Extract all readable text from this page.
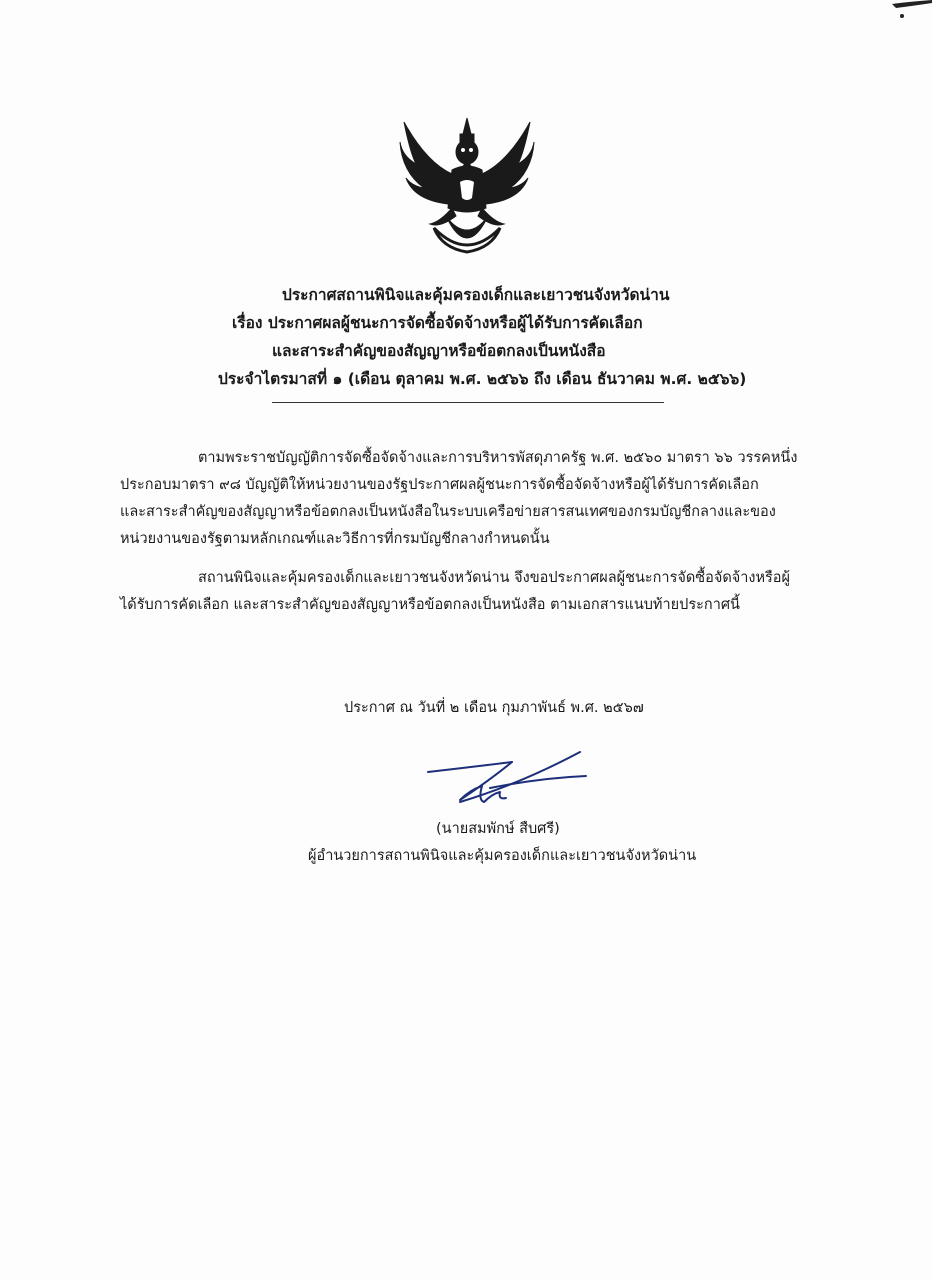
ประกาศสถานพินิจและคุ้มครองเด็กและเยาวชนจังหวัดน่าน
เรื่อง ประกาศผลผู้ชนะการจัดซื้อจัดจ้างหรือผู้ได้รับการคัดเลือก
และสาระสำคัญของสัญญาหรือข้อตกลงเป็นหนังสือ
ประจำไตรมาสที่ ๑ (เดือน ตุลาคม พ.ศ. ๒๕๖๖ ถึง เดือน ธันวาคม พ.ศ. ๒๕๖๖)
ตามพระราชบัญญัติการจัดซื้อจัดจ้างและการบริหารพัสดุภาครัฐ พ.ศ. ๒๕๖๐ มาตรา ๖๖ วรรคหนึ่ง
ประกอบมาตรา ๙๘ บัญญัติให้หน่วยงานของรัฐประกาศผลผู้ชนะการจัดซื้อจัดจ้างหรือผู้ได้รับการคัดเลือก
และสาระสำคัญของสัญญาหรือข้อตกลงเป็นหนังสือในระบบเครือข่ายสารสนเทศของกรมบัญชีกลางและของ
หน่วยงานของรัฐตามหลักเกณฑ์และวิธีการที่กรมบัญชีกลางกำหนดนั้น
สถานพินิจและคุ้มครองเด็กและเยาวชนจังหวัดน่าน จึงขอประกาศผลผู้ชนะการจัดซื้อจัดจ้างหรือผู้
ได้รับการคัดเลือก และสาระสำคัญของสัญญาหรือข้อตกลงเป็นหนังสือ ตามเอกสารแนบท้ายประกาศนี้
ประกาศ ณ วันที่ ๒ เดือน กุมภาพันธ์ พ.ศ. ๒๕๖๗
(นายสมพักษ์ สืบศรี)
ผู้อำนวยการสถานพินิจและคุ้มครองเด็กและเยาวชนจังหวัดน่าน
